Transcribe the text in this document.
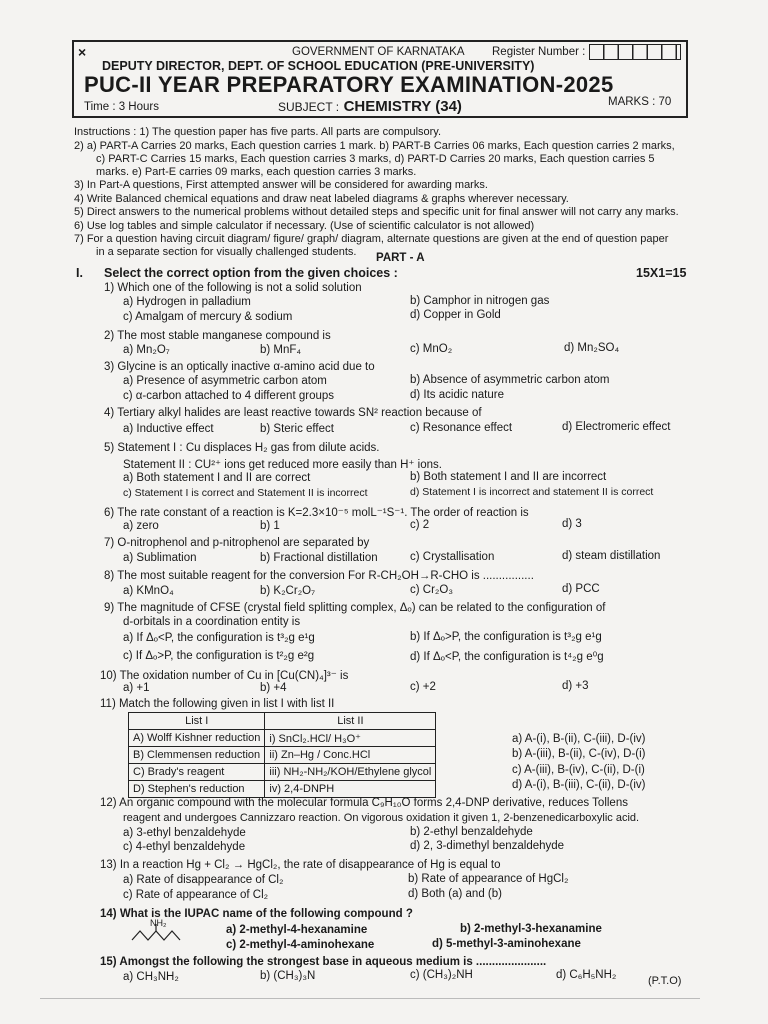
×	GOVERNMENT OF KARNATAKA Register Number :
DEPUTY DIRECTOR, DEPT. OF SCHOOL EDUCATION (PRE-UNIVERSITY)
PUC-II YEAR PREPARATORY EXAMINATION-2025
Time : 3 Hours	SUBJECT : CHEMISTRY (34)	MARKS : 70
Instructions : 1) The question paper has five parts. All parts are compulsory.
2) a) PART-A Carries 20 marks, Each question carries 1 mark. b) PART-B Carries 06 marks, Each question carries 2 marks,
c) PART-C Carries 15 marks, Each question carries 3 marks, d) PART-D Carries 20 marks, Each question carries 5
marks. e) Part-E carries 09 marks, each question carries 3 marks.
3) In Part-A questions, First attempted answer will be considered for awarding marks.
4) Write Balanced chemical equations and draw neat labeled diagrams & graphs wherever necessary.
5) Direct answers to the numerical problems without detailed steps and specific unit for final answer will not carry any marks.
6) Use log tables and simple calculator if necessary. (Use of scientific calculator is not allowed)
7) For a question having circuit diagram/ figure/ graph/ diagram, alternate questions are given at the end of question paper
in a separate section for visually challenged students. PART - A
I. Select the correct option from the given choices :	15X1=15
1) Which one of the following is not a solid solution
a) Hydrogen in palladium	b) Camphor in nitrogen gas
c) Amalgam of mercury & sodium	d) Copper in Gold
2) The most stable manganese compound is
a) Mn₂O₇	b) MnF₄	c) MnO₂	d) Mn₂SO₄
3) Glycine is an optically inactive α-amino acid due to
a) Presence of asymmetric carbon atom	b) Absence of asymmetric carbon atom
c) α-carbon attached to 4 different groups	d) Its acidic nature
4) Tertiary alkyl halides are least reactive towards SN² reaction because of
a) Inductive effect	b) Steric effect	c) Resonance effect	d) Electromeric effect
5) Statement I : Cu displaces H₂ gas from dilute acids.
Statement II : CU²⁺ ions get reduced more easily than H⁺ ions.
a) Both statement I and II are correct	b) Both statement I and II are incorrect
c) Statement I is correct and Statement II is incorrect	d) Statement I is incorrect and statement II is correct
6) The rate constant of a reaction is K=2.3×10⁻⁵ molL⁻¹S⁻¹. The order of reaction is
a) zero	b) 1	c) 2	d) 3
7) O-nitrophenol and p-nitrophenol are separated by
a) Sublimation	b) Fractional distillation	c) Crystallisation	d) steam distillation
8) The most suitable reagent for the conversion For R-CH₂OH→R-CHO is ................
a) KMnO₄	b) K₂Cr₂O₇	c) Cr₂O₃	d) PCC
9) The magnitude of CFSE (crystal field splitting complex, Δₒ) can be related to the configuration of
d-orbitals in a coordination entity is
a) If Δₒ<P, the configuration is t³₂g e¹g	b) If Δₒ>P, the configuration is t³₂g e¹g
c) If Δₒ>P, the configuration is t²₂g e²g	d) If Δₒ<P, the configuration is t⁴₂g e⁰g
10) The oxidation number of Cu in [Cu(CN)₄]³⁻ is
a) +1	b) +4	c) +2	d) +3
11) Match the following given in list I with list II
List I	List II
A) Wolff Kishner reduction	i) SnCl₂.HCl/ H₃O⁺
B) Clemmensen reduction	ii) Zn–Hg / Conc.HCl
C) Brady's reagent	iii) NH₂-NH₂/KOH/Ethylene glycol
D) Stephen's reduction	iv) 2,4-DNPH
a) A-(i), B-(ii), C-(iii), D-(iv)
b) A-(iii), B-(ii), C-(iv), D-(i)
c) A-(iii), B-(iv), C-(ii), D-(i)
d) A-(i), B-(iii), C-(ii), D-(iv)
12) An organic compound with the molecular formula C₉H₁₀O forms 2,4-DNP derivative, reduces Tollens
reagent and undergoes Cannizzaro reaction. On vigorous oxidation it given 1, 2-benzenedicarboxylic acid.
a) 3-ethyl benzaldehyde	b) 2-ethyl benzaldehyde
c) 4-ethyl benzaldehyde	d) 2, 3-dimethyl benzaldehyde
13) In a reaction Hg + Cl₂ → HgCl₂, the rate of disappearance of Hg is equal to
a) Rate of disappearance of Cl₂	b) Rate of appearance of HgCl₂
c) Rate of appearance of Cl₂	d) Both (a) and (b)
14) What is the IUPAC name of the following compound ?
NH₂
a) 2-methyl-4-hexanamine	b) 2-methyl-3-hexanamine
c) 2-methyl-4-aminohexane	d) 5-methyl-3-aminohexane
15) Amongst the following the strongest base in aqueous medium is ......................
a) CH₃NH₂	b) (CH₃)₃N	c) (CH₃)₂NH	d) C₆H₅NH₂	(P.T.O)
